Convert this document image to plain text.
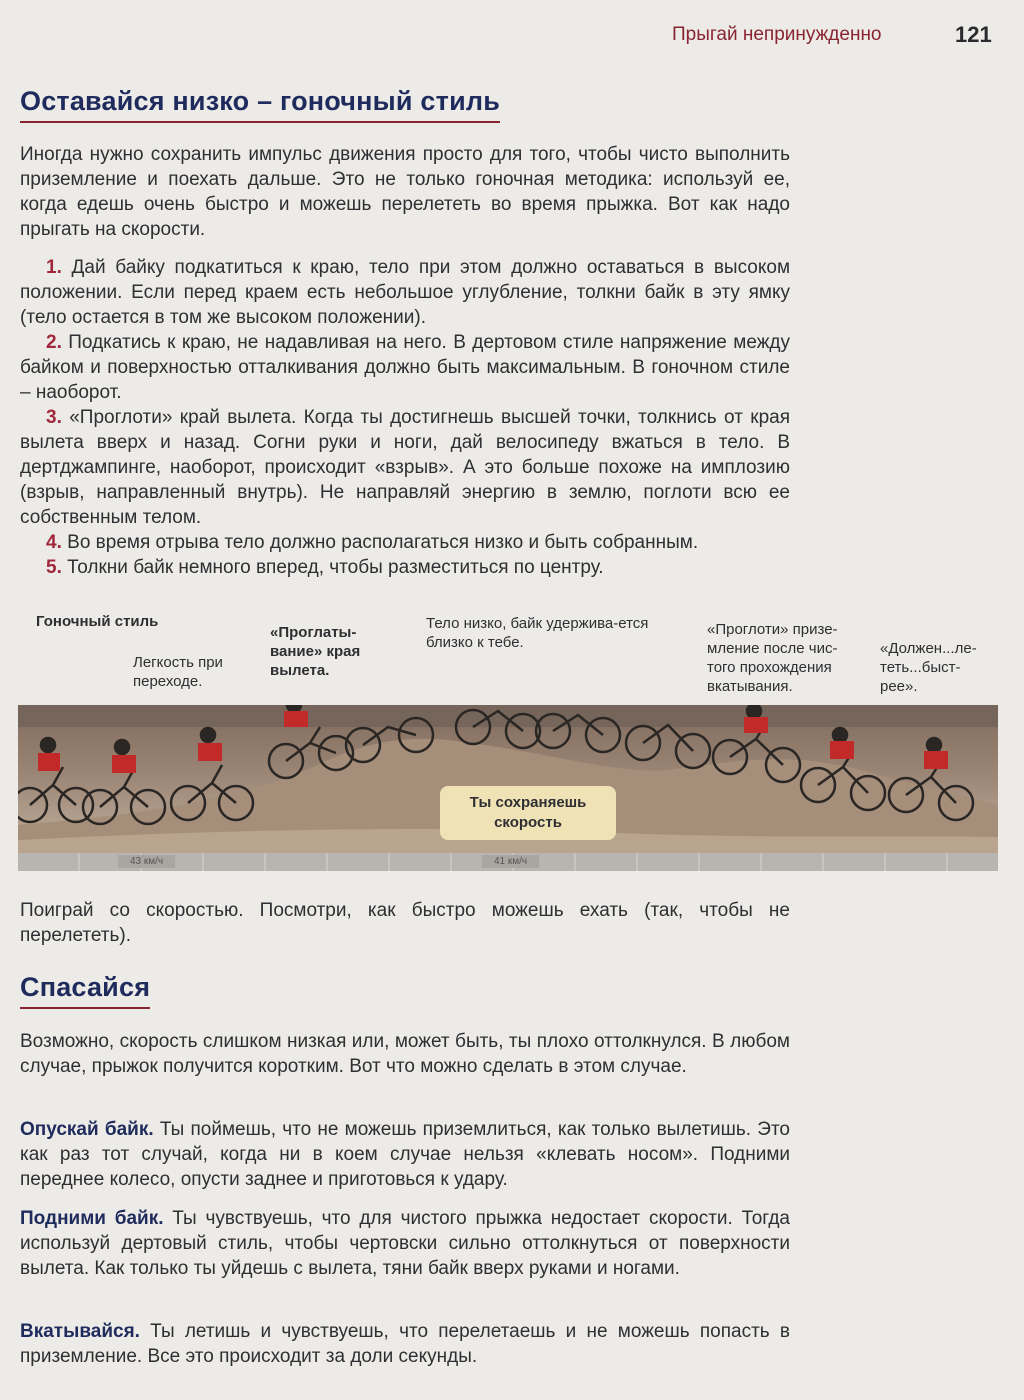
Прыгай непринужденно	121
Оставайся низко – гоночный стиль

Иногда нужно сохранить импульс движения просто для того, чтобы чисто выполнить приземление и поехать дальше. Это не только гоночная методика: используй ее, когда едешь очень быстро и можешь перелететь во время прыжка. Вот как надо прыгать на скорости.

1. Дай байку подкатиться к краю, тело при этом должно оставаться в высоком положении. Если перед краем есть небольшое углубление, толкни байк в эту ямку (тело остается в том же высоком положении).
2. Подкатись к краю, не надавливая на него. В дертовом стиле напряжение между байком и поверхностью отталкивания должно быть максимальным. В гоночном стиле – наоборот.
3. «Проглоти» край вылета. Когда ты достигнешь высшей точки, толкнись от края вылета вверх и назад. Согни руки и ноги, дай велосипеду вжаться в тело. В дертджампинге, наоборот, происходит «взрыв». А это больше похоже на имплозию (взрыв, направленный внутрь). Не направляй энергию в землю, поглоти всю ее собственным телом.
4. Во время отрыва тело должно располагаться низко и быть собранным.
5. Толкни байк немного вперед, чтобы разместиться по центру.
Гоночный стиль
Легкость при переходе.
«Проглаты-вание» края вылета.
Тело низко, байк удержива-ется близко к тебе.
«Проглоти» призе-мление после чис-того прохождения вкатывания.
«Должен...ле-теть...быст-рее».
Ты сохраняешь скорость
43 км/ч	41 км/ч

Поиграй со скоростью. Посмотри, как быстро можешь ехать (так, чтобы не перелететь).

Спасайся

Возможно, скорость слишком низкая или, может быть, ты плохо оттолкнулся. В любом случае, прыжок получится коротким. Вот что можно сделать в этом случае.

Опускай байк. Ты поймешь, что не можешь приземлиться, как только вылетишь. Это как раз тот случай, когда ни в коем случае нельзя «клевать носом». Подними переднее колесо, опусти заднее и приготовься к удару.

Подними байк. Ты чувствуешь, что для чистого прыжка недостает скорости. Тогда используй дертовый стиль, чтобы чертовски сильно оттолкнуться от поверхности вылета. Как только ты уйдешь с вылета, тяни байк вверх руками и ногами.

Вкатывайся. Ты летишь и чувствуешь, что перелетаешь и не можешь попасть в приземление. Все это происходит за доли секунды.
